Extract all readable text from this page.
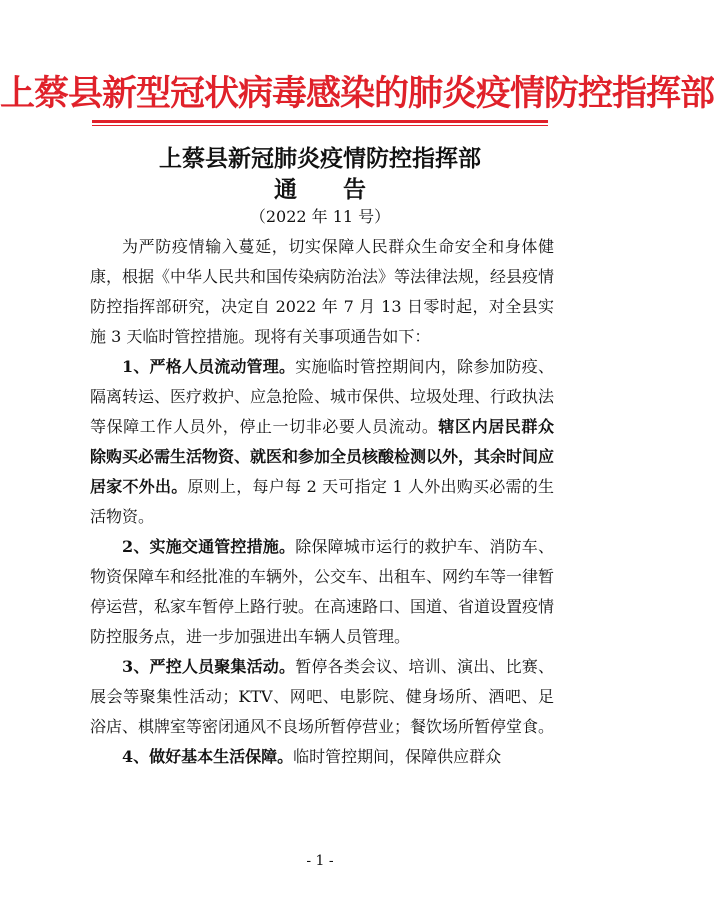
上蔡县新型冠状病毒感染的肺炎疫情防控指挥部
上蔡县新冠肺炎疫情防控指挥部
通告
（2022 年 11 号）

为严防疫情输入蔓延，切实保障人民群众生命安全和身体健康，根据《中华人民共和国传染病防治法》等法律法规，经县疫情防控指挥部研究，决定自 2022 年 7 月 13 日零时起，对全县实施 3 天临时管控措施。现将有关事项通告如下：

1、严格人员流动管理。实施临时管控期间内，除参加防疫、隔离转运、医疗救护、应急抢险、城市保供、垃圾处理、行政执法等保障工作人员外，停止一切非必要人员流动。辖区内居民群众除购买必需生活物资、就医和参加全员核酸检测以外，其余时间应居家不外出。原则上，每户每 2 天可指定 1 人外出购买必需的生活物资。

2、实施交通管控措施。除保障城市运行的救护车、消防车、物资保障车和经批准的车辆外，公交车、出租车、网约车等一律暂停运营，私家车暂停上路行驶。在高速路口、国道、省道设置疫情防控服务点，进一步加强进出车辆人员管理。

3、严控人员聚集活动。暂停各类会议、培训、演出、比赛、展会等聚集性活动；KTV、网吧、电影院、健身场所、酒吧、足浴店、棋牌室等密闭通风不良场所暂停营业；餐饮场所暂停堂食。

4、做好基本生活保障。临时管控期间，保障供应群众

- 1 -
